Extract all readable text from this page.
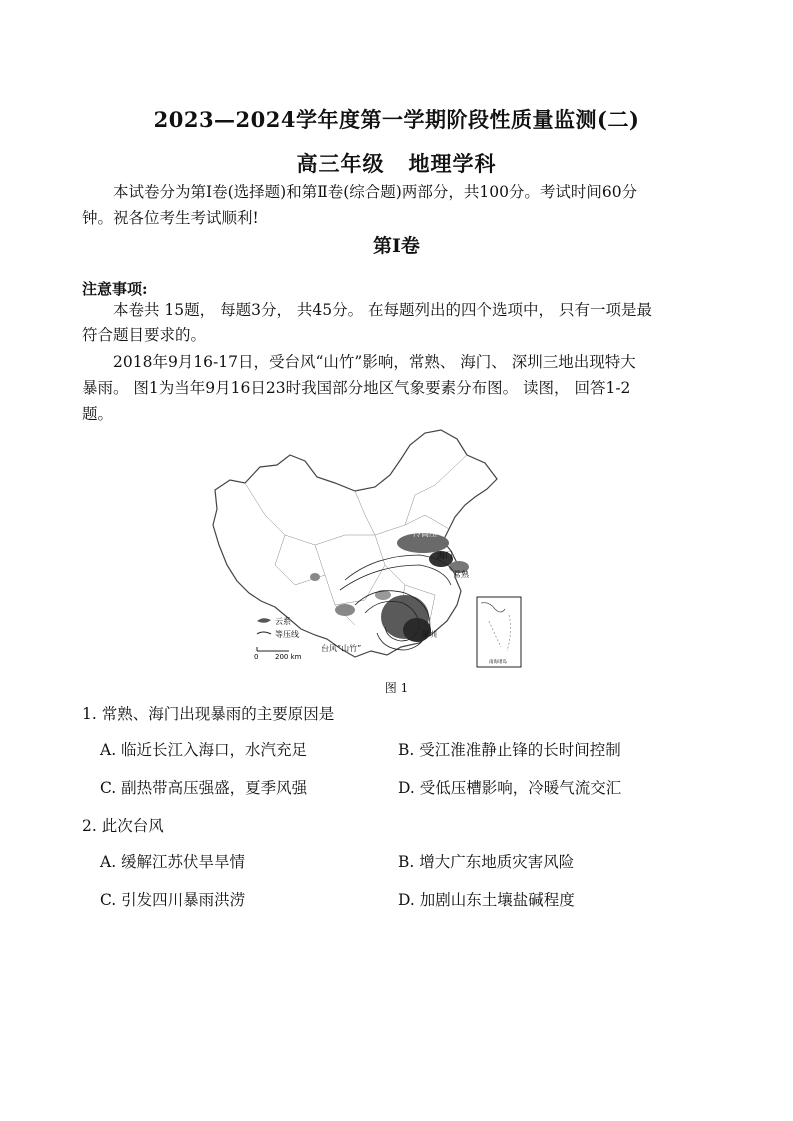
2023—2024学年度第一学期阶段性质量监测(二)
高三年级 地理学科
本试卷分为第Ⅰ卷(选择题)和第Ⅱ卷(综合题)两部分，共100分。考试时间60分
钟。祝各位考生考试顺利!
第Ⅰ卷
注意事项:
本卷共 15题， 每题3分， 共45分。 在每题列出的四个选项中， 只有一项是最
符合题目要求的。
2018年9月16-17日，受台风“山竹”影响，常熟、 海门、 深圳三地出现特大
暴雨。 图1为当年9月16日23时我国部分地区气象要素分布图。 读图， 回答1-2
题。
冷高压
海门
常熟
深圳
台风“山竹”
云系
等压线
0 200 km
南海诸岛
图 1
1. 常熟、海门出现暴雨的主要原因是
A. 临近长江入海口，水汽充足	B. 受江淮准静止锋的长时间控制
C. 副热带高压强盛，夏季风强	D. 受低压槽影响，冷暖气流交汇
2. 此次台风
A. 缓解江苏伏旱旱情	B. 增大广东地质灾害风险
C. 引发四川暴雨洪涝	D. 加剧山东土壤盐碱程度
